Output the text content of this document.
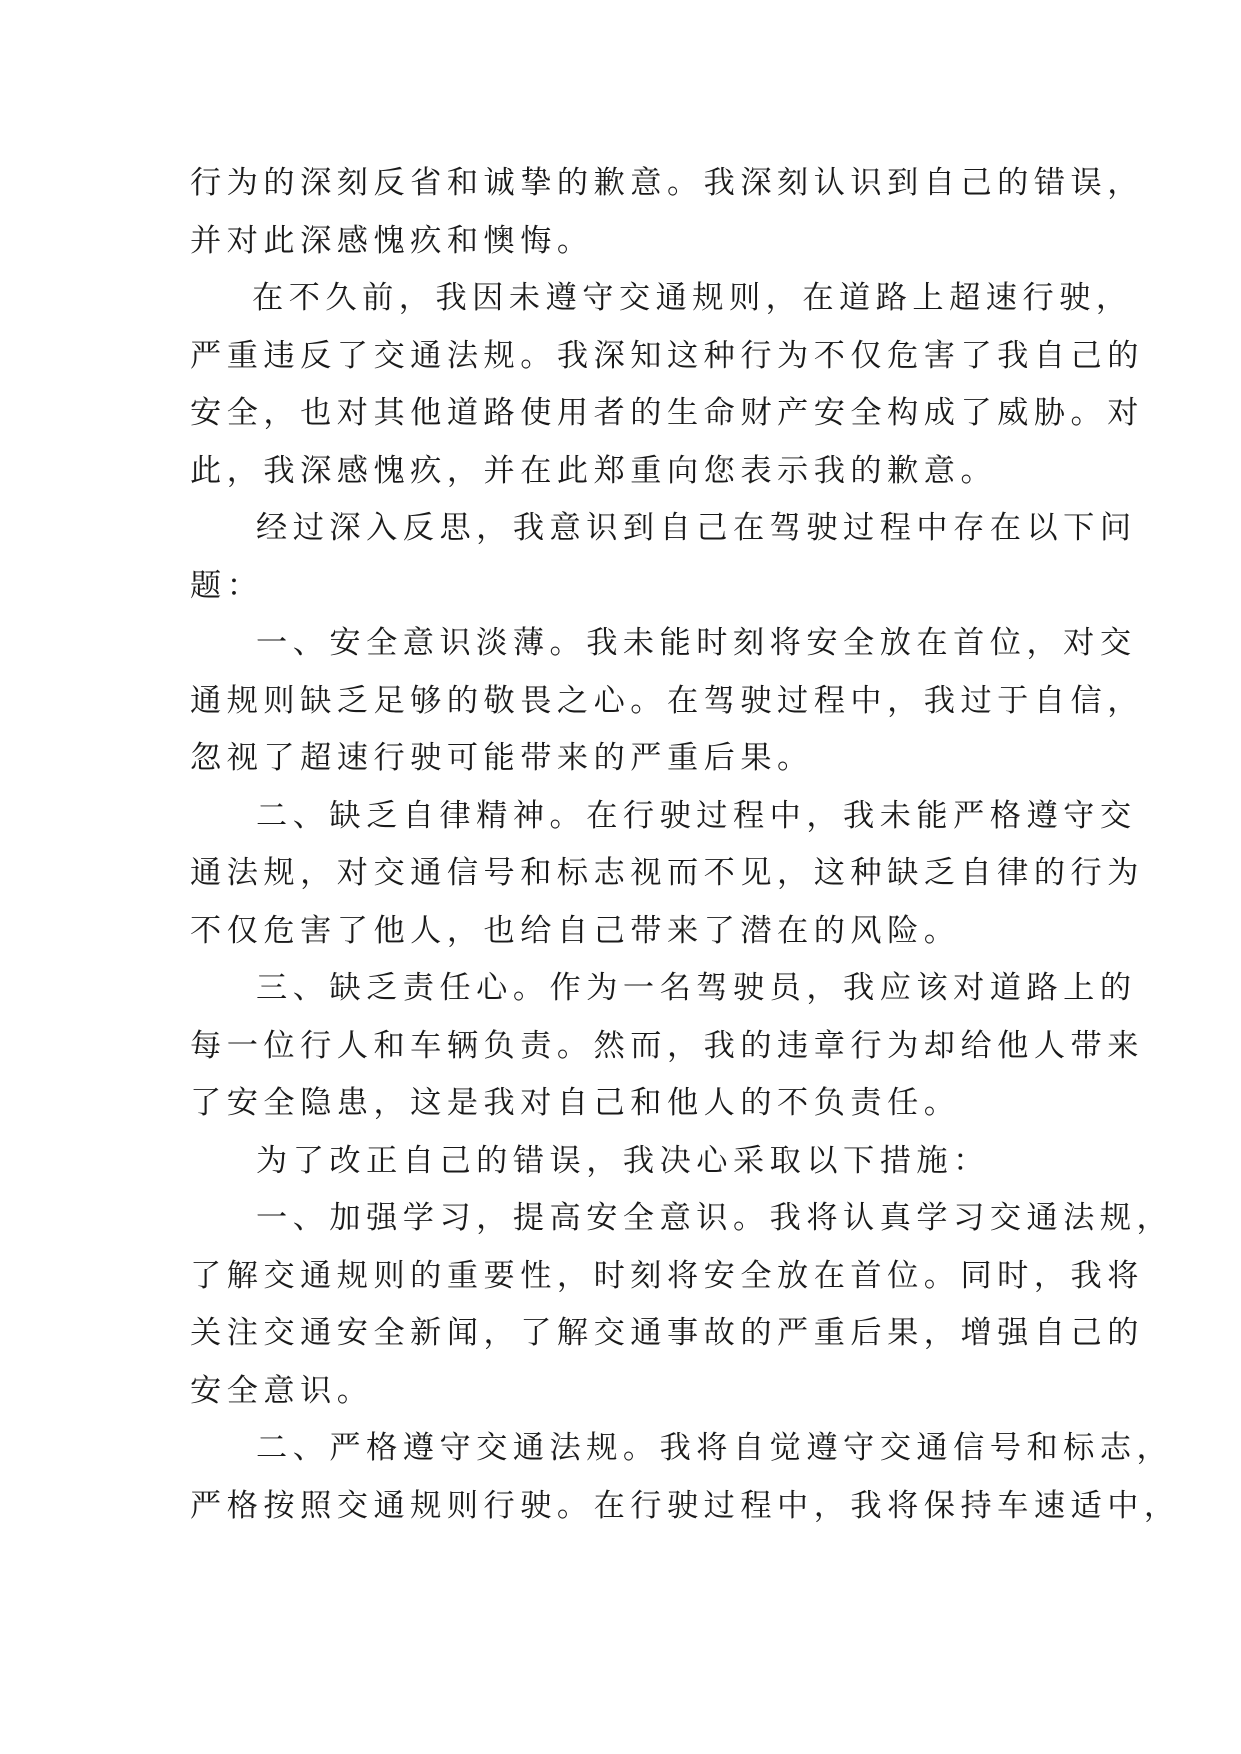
行为的深刻反省和诚挚的歉意。我深刻认识到自己的错误，
并对此深感愧疚和懊悔。
在不久前，我因未遵守交通规则，在道路上超速行驶，
严重违反了交通法规。我深知这种行为不仅危害了我自己的
安全，也对其他道路使用者的生命财产安全构成了威胁。对
此，我深感愧疚，并在此郑重向您表示我的歉意。
经过深入反思，我意识到自己在驾驶过程中存在以下问
题：
一、安全意识淡薄。我未能时刻将安全放在首位，对交
通规则缺乏足够的敬畏之心。在驾驶过程中，我过于自信，
忽视了超速行驶可能带来的严重后果。
二、缺乏自律精神。在行驶过程中，我未能严格遵守交
通法规，对交通信号和标志视而不见，这种缺乏自律的行为
不仅危害了他人，也给自己带来了潜在的风险。
三、缺乏责任心。作为一名驾驶员，我应该对道路上的
每一位行人和车辆负责。然而，我的违章行为却给他人带来
了安全隐患，这是我对自己和他人的不负责任。
为了改正自己的错误，我决心采取以下措施：
一、加强学习，提高安全意识。我将认真学习交通法规，
了解交通规则的重要性，时刻将安全放在首位。同时，我将
关注交通安全新闻，了解交通事故的严重后果，增强自己的
安全意识。
二、严格遵守交通法规。我将自觉遵守交通信号和标志，
严格按照交通规则行驶。在行驶过程中，我将保持车速适中，
